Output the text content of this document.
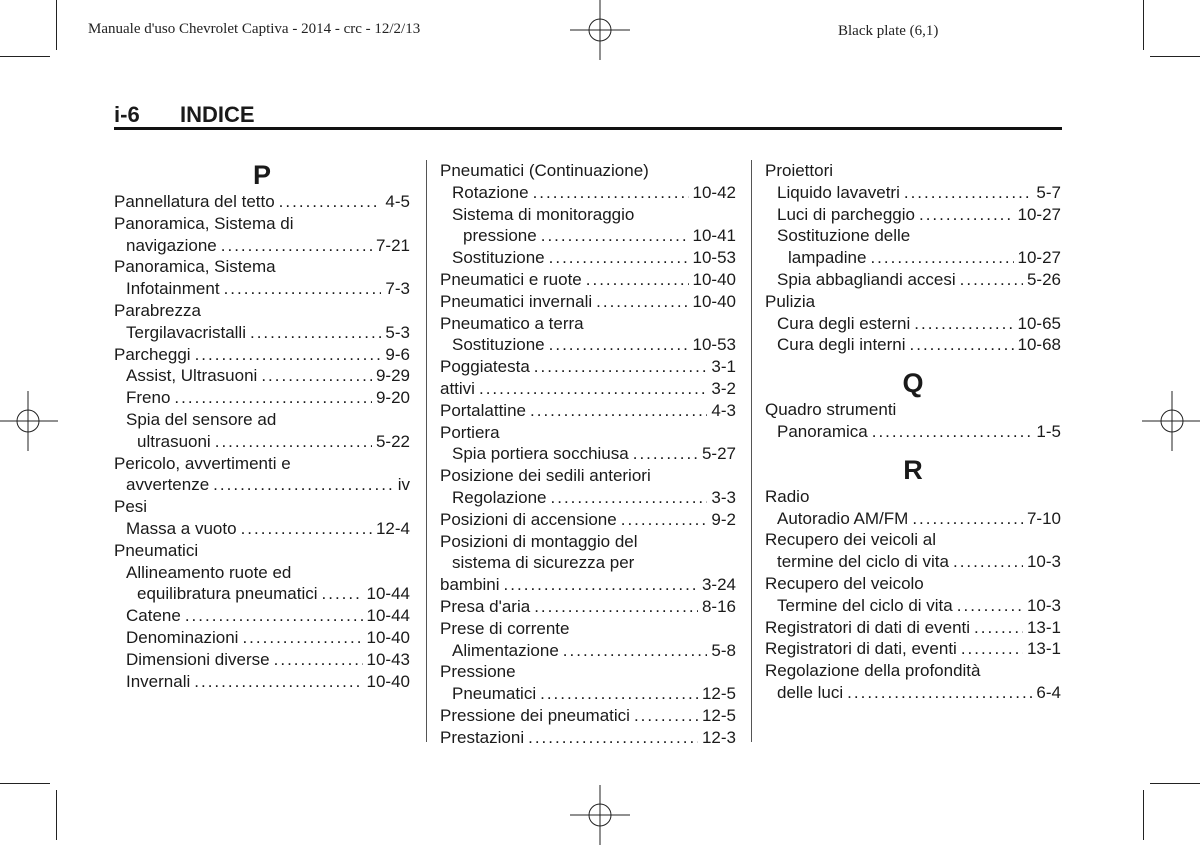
Manuale d'uso Chevrolet Captiva - 2014 - crc - 12/2/13	Black plate (6,1)
i-6 INDICE
P
Pannellatura del tetto .....	4-5
Panoramica, Sistema di
navigazione .....	7-21
Panoramica, Sistema
Infotainment .....	7-3
Parabrezza
Tergilavacristalli .....	5-3
Parcheggi .....	9-6
Assist, Ultrasuoni .....	9-29
Freno .....	9-20
Spia del sensore ad
ultrasuoni .....	5-22
Pericolo, avvertimenti e
avvertenze .....	iv
Pesi
Massa a vuoto .....	12-4
Pneumatici
Allineamento ruote ed
equilibratura pneumatici .....	10-44
Catene .....	10-44
Denominazioni .....	10-40
Dimensioni diverse .....	10-43
Invernali .....	10-40
Pneumatici (Continuazione)
Rotazione .....	10-42
Sistema di monitoraggio
pressione .....	10-41
Sostituzione .....	10-53
Pneumatici e ruote .....	10-40
Pneumatici invernali .....	10-40
Pneumatico a terra
Sostituzione .....	10-53
Poggiatesta .....	3-1
attivi .....	3-2
Portalattine .....	4-3
Portiera
Spia portiera socchiusa .....	5-27
Posizione dei sedili anteriori
Regolazione .....	3-3
Posizioni di accensione .....	9-2
Posizioni di montaggio del
sistema di sicurezza per
bambini .....	3-24
Presa d'aria .....	8-16
Prese di corrente
Alimentazione .....	5-8
Pressione
Pneumatici .....	12-5
Pressione dei pneumatici .....	12-5
Prestazioni .....	12-3
Proiettori
Liquido lavavetri .....	5-7
Luci di parcheggio .....	10-27
Sostituzione delle
lampadine .....	10-27
Spia abbagliandi accesi .....	5-26
Pulizia
Cura degli esterni .....	10-65
Cura degli interni .....	10-68
Q
Quadro strumenti
Panoramica .....	1-5
R
Radio
Autoradio AM/FM .....	7-10
Recupero dei veicoli al
termine del ciclo di vita .....	10-3
Recupero del veicolo
Termine del ciclo di vita .....	10-3
Registratori di dati di eventi .....	13-1
Registratori di dati, eventi .....	13-1
Regolazione della profondità
delle luci .....	6-4
